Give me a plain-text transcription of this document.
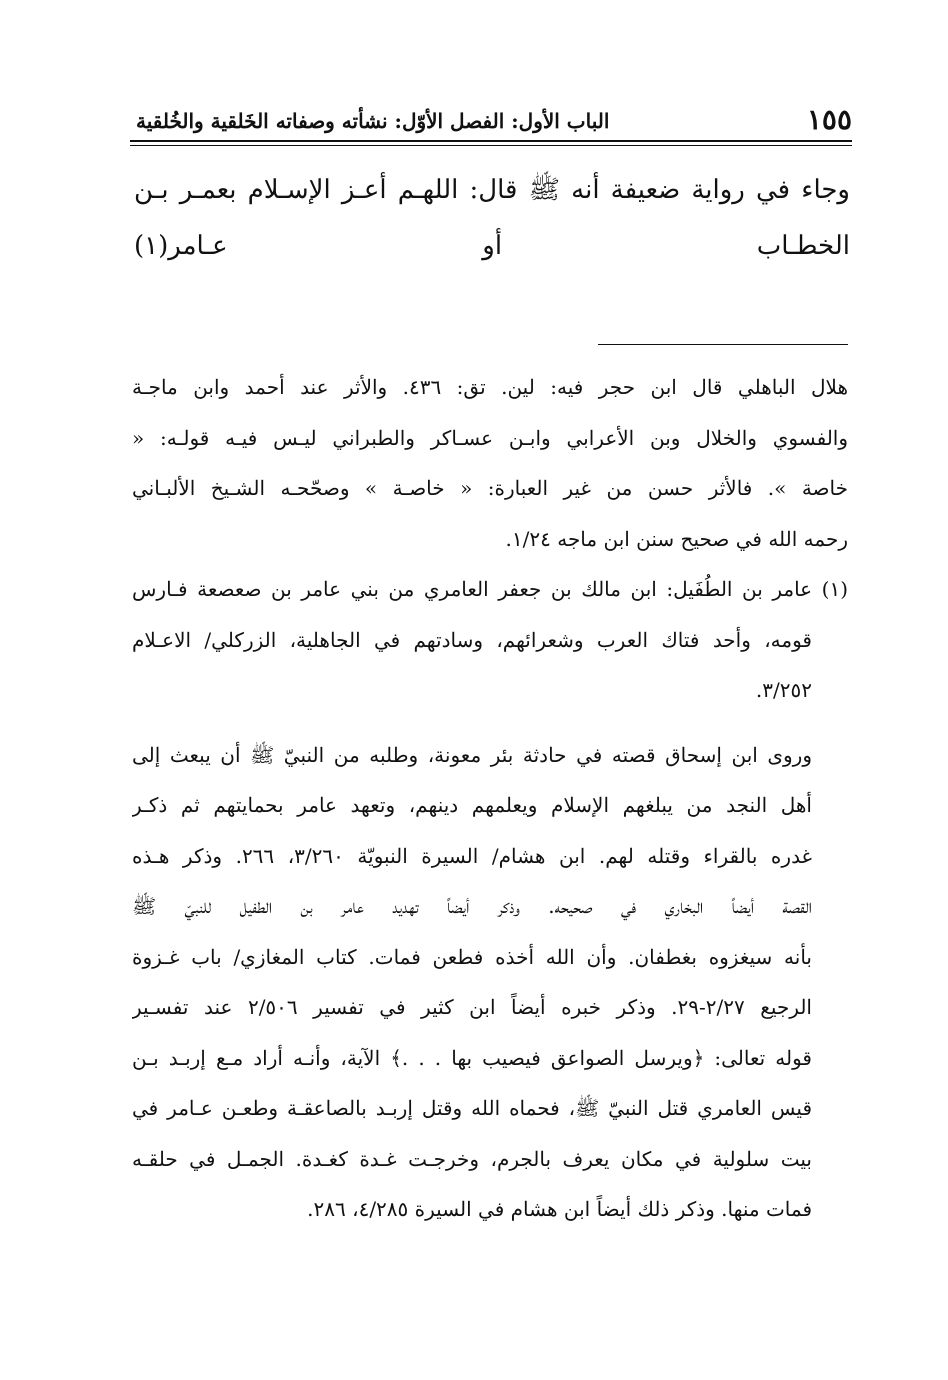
١٥٥
الباب الأول: الفصل الأوّل: نشأته وصفاته الخَلقية والخُلقية
وجاء في رواية ضعيفة أنه ﷺ قال: اللهـم أعـز الإسـلام بعمـر بـن
الخطـاب أو عـامر(١)
هلال الباهلي قال ابن حجر فيه: لين. تق: ٤٣٦. والأثر عند أحمد وابن ماجـة
والفسوي والخلال وبن الأعرابي وابـن عسـاكر والطبراني ليـس فيـه قولـه: «
خاصة ». فالأثر حسن من غير العبارة: « خاصـة » وصحّحـه الشـيخ الألبـاني
رحمه الله في صحيح سنن ابن ماجه ١/٢٤.
(١) عامر بن الطُفَيل: ابن مالك بن جعفر العامري من بني عامر بن صعصعة فـارس
قومه، وأحد فتاك العرب وشعرائهم، وسادتهم في الجاهلية، الزركلي/ الاعـلام
٣/٢٥٢.
وروى ابن إسحاق قصته في حادثة بئر معونة، وطلبه من النبيّ ﷺ أن يبعث إلى
أهل النجد من يبلغهم الإسلام ويعلمهم دينهم، وتعهد عامر بحمايتهم ثم ذكـر
غدره بالقراء وقتله لهم. ابن هشام/ السيرة النبويّة ٣/٢٦٠، ٢٦٦. وذكر هـذه
القصة أيضاً البخاري في صحيحه. وذكر أيضاً تهديد عامر بن الطفيل للنبيّ ﷺ
بأنه سيغزوه بغطفان. وأن الله أخذه فطعن فمات. كتاب المغازي/ باب غـزوة
الرجيع ٢/٢٧-٢٩. وذكر خبره أيضاً ابن كثير في تفسير ٢/٥٠٦ عند تفسـير
قوله تعالى: ﴿ويرسل الصواعق فيصيب بها . . .﴾ الآية، وأنـه أراد مـع إربـد بـن
قيس العامري قتل النبيّ ﷺ، فحماه الله وقتل إربـد بالصاعقـة وطعـن عـامر في
بيت سلولية في مكان يعرف بالجرم، وخرجـت غـدة كغـدة. الجمـل في حلقـه
فمات منها. وذكر ذلك أيضاً ابن هشام في السيرة ٤/٢٨٥، ٢٨٦.
